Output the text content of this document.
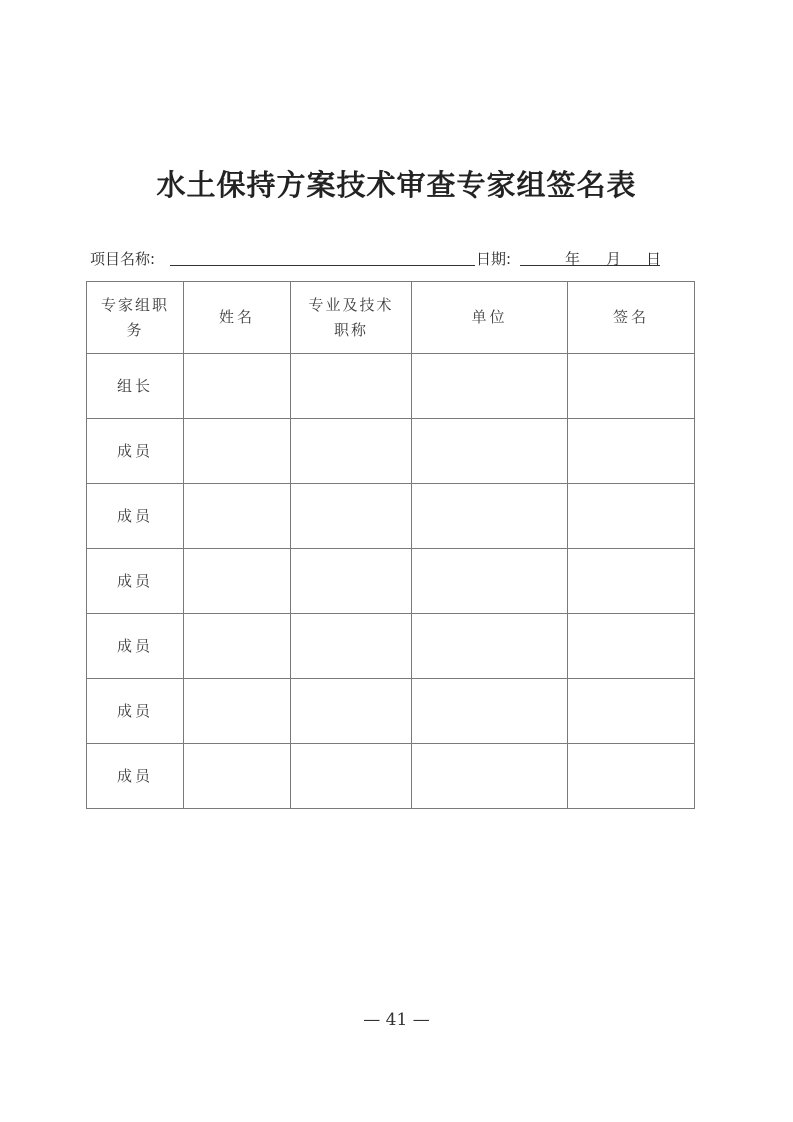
水土保持方案技术审查专家组签名表
项目名称:	日期:	年 月 日
专家组职务	姓名	专业及技术职称	单位	签名
组长				
成员				
成员				
成员				
成员				
成员				
成员				
— 41 —
